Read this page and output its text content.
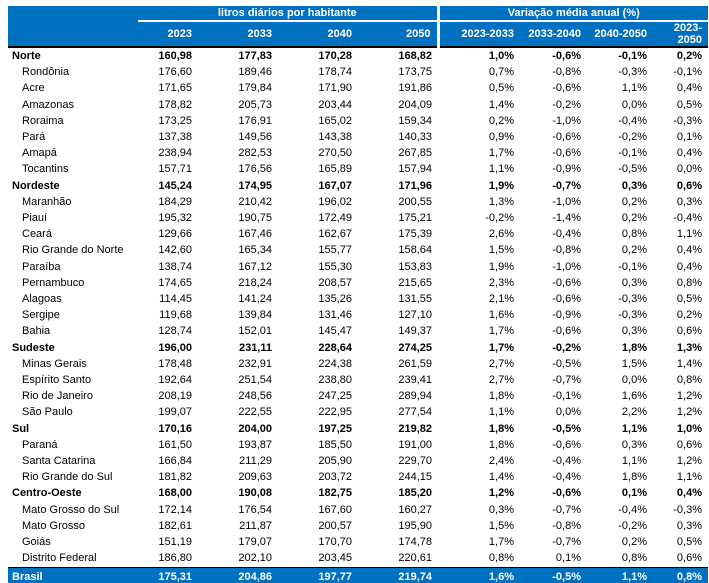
	litros diários por habitante				Variação média anual (%)			
	2023	2033	2040	2050	2023-2033	2033-2040	2040-2050	2023-2050
Norte	160,98	177,83	170,28	168,82	1,0%	-0,6%	-0,1%	0,2%
Rondônia	176,60	189,46	178,74	173,75	0,7%	-0,8%	-0,3%	-0,1%
Acre	171,65	179,84	171,90	191,86	0,5%	-0,6%	1,1%	0,4%
Amazonas	178,82	205,73	203,44	204,09	1,4%	-0,2%	0,0%	0,5%
Roraima	173,25	176,91	165,02	159,34	0,2%	-1,0%	-0,4%	-0,3%
Pará	137,38	149,56	143,38	140,33	0,9%	-0,6%	-0,2%	0,1%
Amapá	238,94	282,53	270,50	267,85	1,7%	-0,6%	-0,1%	0,4%
Tocantins	157,71	176,56	165,89	157,94	1,1%	-0,9%	-0,5%	0,0%
Nordeste	145,24	174,95	167,07	171,96	1,9%	-0,7%	0,3%	0,6%
Maranhão	184,29	210,42	196,02	200,55	1,3%	-1,0%	0,2%	0,3%
Piauí	195,32	190,75	172,49	175,21	-0,2%	-1,4%	0,2%	-0,4%
Ceará	129,66	167,46	162,67	175,39	2,6%	-0,4%	0,8%	1,1%
Rio Grande do Norte	142,60	165,34	155,77	158,64	1,5%	-0,8%	0,2%	0,4%
Paraíba	138,74	167,12	155,30	153,83	1,9%	-1,0%	-0,1%	0,4%
Pernambuco	174,65	218,24	208,57	215,65	2,3%	-0,6%	0,3%	0,8%
Alagoas	114,45	141,24	135,26	131,55	2,1%	-0,6%	-0,3%	0,5%
Sergipe	119,68	139,84	131,46	127,10	1,6%	-0,9%	-0,3%	0,2%
Bahia	128,74	152,01	145,47	149,37	1,7%	-0,6%	0,3%	0,6%
Sudeste	196,00	231,11	228,64	274,25	1,7%	-0,2%	1,8%	1,3%
Minas Gerais	178,48	232,91	224,38	261,59	2,7%	-0,5%	1,5%	1,4%
Espírito Santo	192,64	251,54	238,80	239,41	2,7%	-0,7%	0,0%	0,8%
Rio de Janeiro	208,19	248,56	247,25	289,94	1,8%	-0,1%	1,6%	1,2%
São Paulo	199,07	222,55	222,95	277,54	1,1%	0,0%	2,2%	1,2%
Sul	170,16	204,00	197,25	219,82	1,8%	-0,5%	1,1%	1,0%
Paraná	161,50	193,87	185,50	191,00	1,8%	-0,6%	0,3%	0,6%
Santa Catarina	166,84	211,29	205,90	229,70	2,4%	-0,4%	1,1%	1,2%
Rio Grande do Sul	181,82	209,63	203,72	244,15	1,4%	-0,4%	1,8%	1,1%
Centro-Oeste	168,00	190,08	182,75	185,20	1,2%	-0,6%	0,1%	0,4%
Mato Grosso do Sul	172,14	176,54	167,60	160,27	0,3%	-0,7%	-0,4%	-0,3%
Mato Grosso	182,61	211,87	200,57	195,90	1,5%	-0,8%	-0,2%	0,3%
Goiás	151,19	179,07	170,70	174,78	1,7%	-0,7%	0,2%	0,5%
Distrito Federal	186,80	202,10	203,45	220,61	0,8%	0,1%	0,8%	0,6%
Brasil	175,31	204,86	197,77	219,74	1,6%	-0,5%	1,1%	0,8%
